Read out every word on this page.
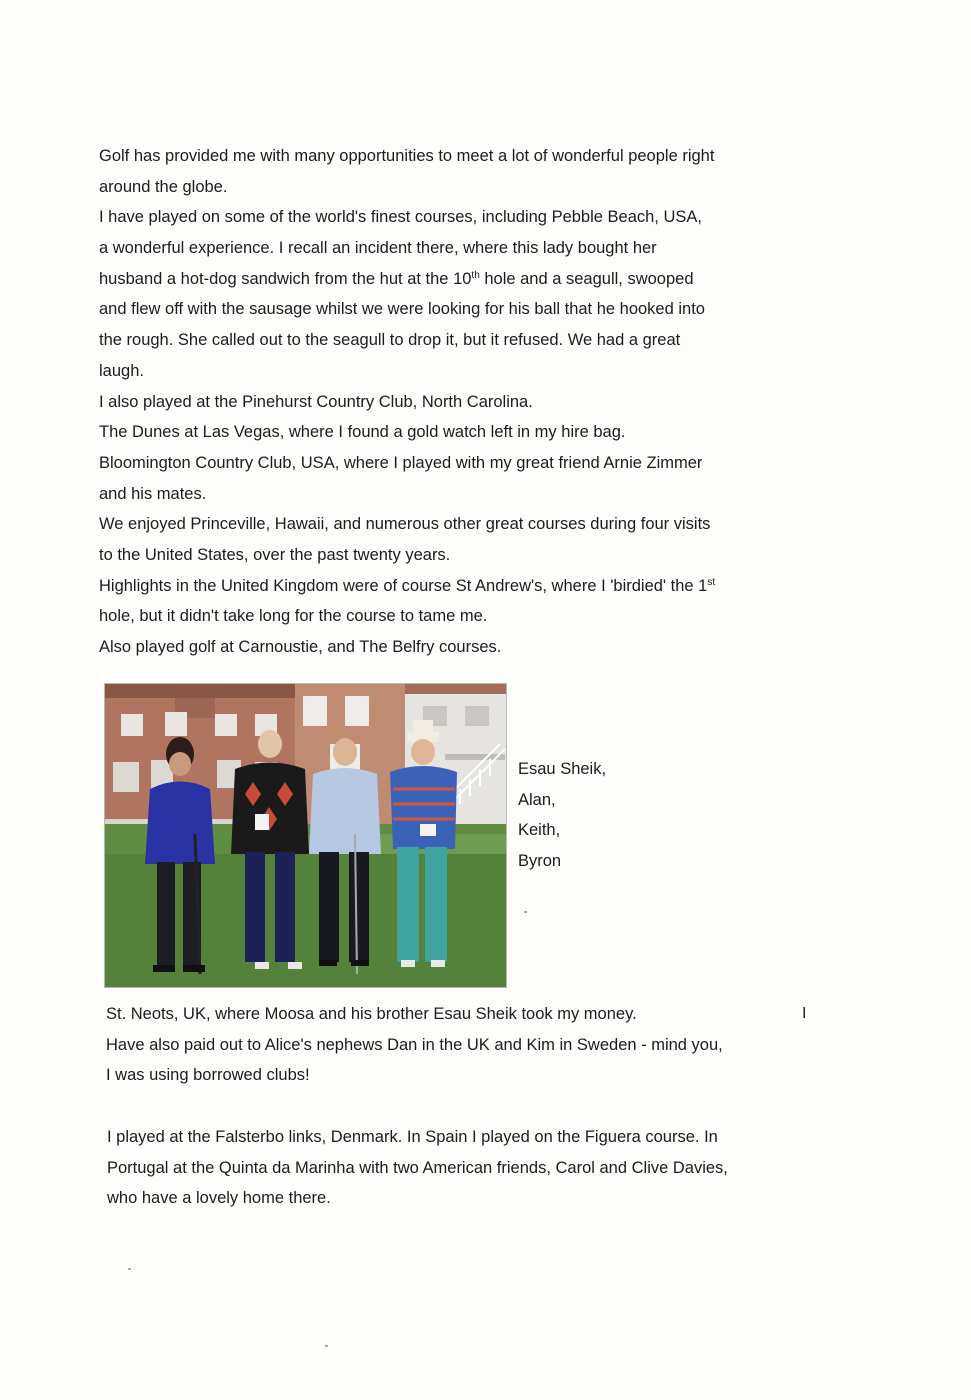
Golf has provided me with many opportunities to meet a lot of wonderful people right
around the globe.
I have played on some of the world's finest courses, including Pebble Beach, USA,
a wonderful experience. I recall an incident there, where this lady bought her
husband a hot-dog sandwich from the hut at the 10th hole and a seagull, swooped
and flew off with the sausage whilst we were looking for his ball that he hooked into
the rough. She called out to the seagull to drop it, but it refused. We had a great
laugh.
I also played at the Pinehurst Country Club, North Carolina.
The Dunes at Las Vegas, where I found a gold watch left in my hire bag.
Bloomington Country Club, USA, where I played with my great friend Arnie Zimmer
and his mates.
We enjoyed Princeville, Hawaii, and numerous other great courses during four visits
to the United States, over the past twenty years.
Highlights in the United Kingdom were of course St Andrew's, where I 'birdied' the 1st
hole, but it didn't take long for the course to tame me.
Also played golf at Carnoustie, and The Belfry courses.
Esau Sheik,
Alan,
Keith,
Byron
St. Neots, UK, where Moosa and his brother Esau Sheik took my money.
Have also paid out to Alice's nephews Dan in the UK and Kim in Sweden - mind you,
I was using borrowed clubs!
I
I played at the Falsterbo links, Denmark. In Spain I played on the Figuera course. In
Portugal at the Quinta da Marinha with two American friends, Carol and Clive Davies,
who have a lovely home there.
